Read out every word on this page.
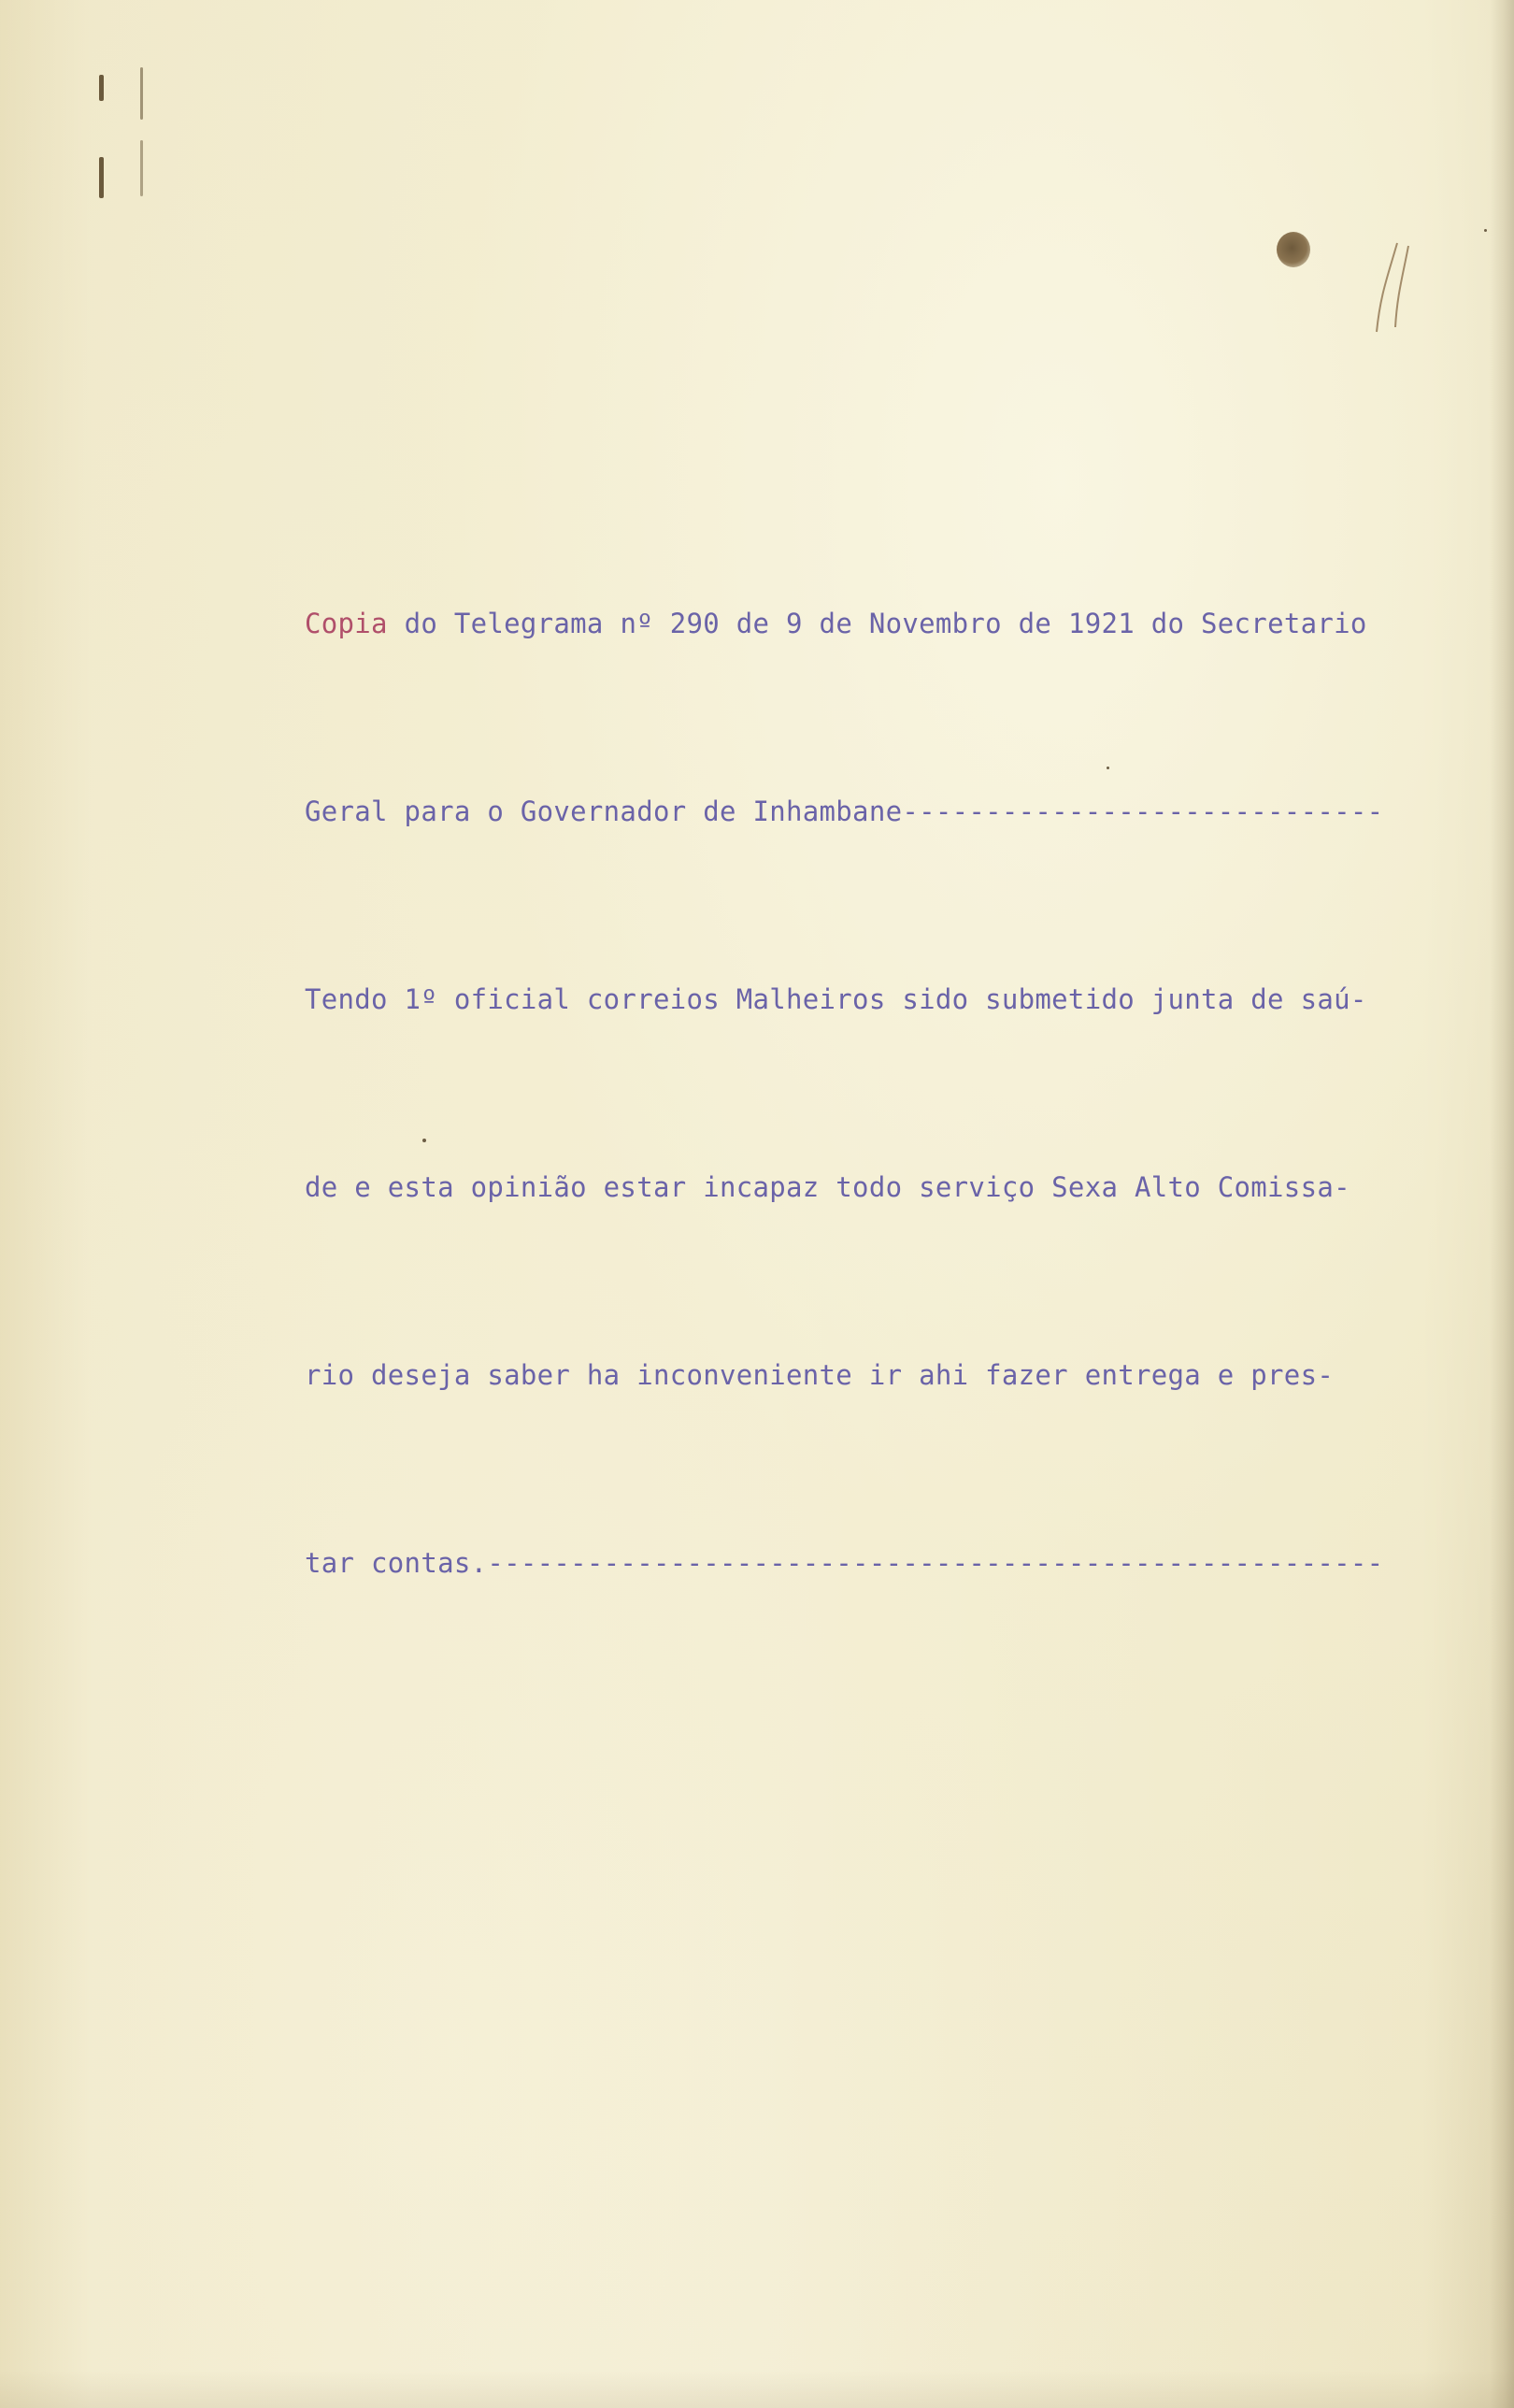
Copia do Telegrama nº 290 de 9 de Novembro de 1921 do Secretario

Geral para o Governador de Inhambane-----------------------------

Tendo 1º oficial correios Malheiros sido submetido junta de saú-

de e esta opinião estar incapaz todo serviço Sexa Alto Comissa-

rio deseja saber ha inconveniente ir ahi fazer entrega e pres-

tar contas.------------------------------------------------------
